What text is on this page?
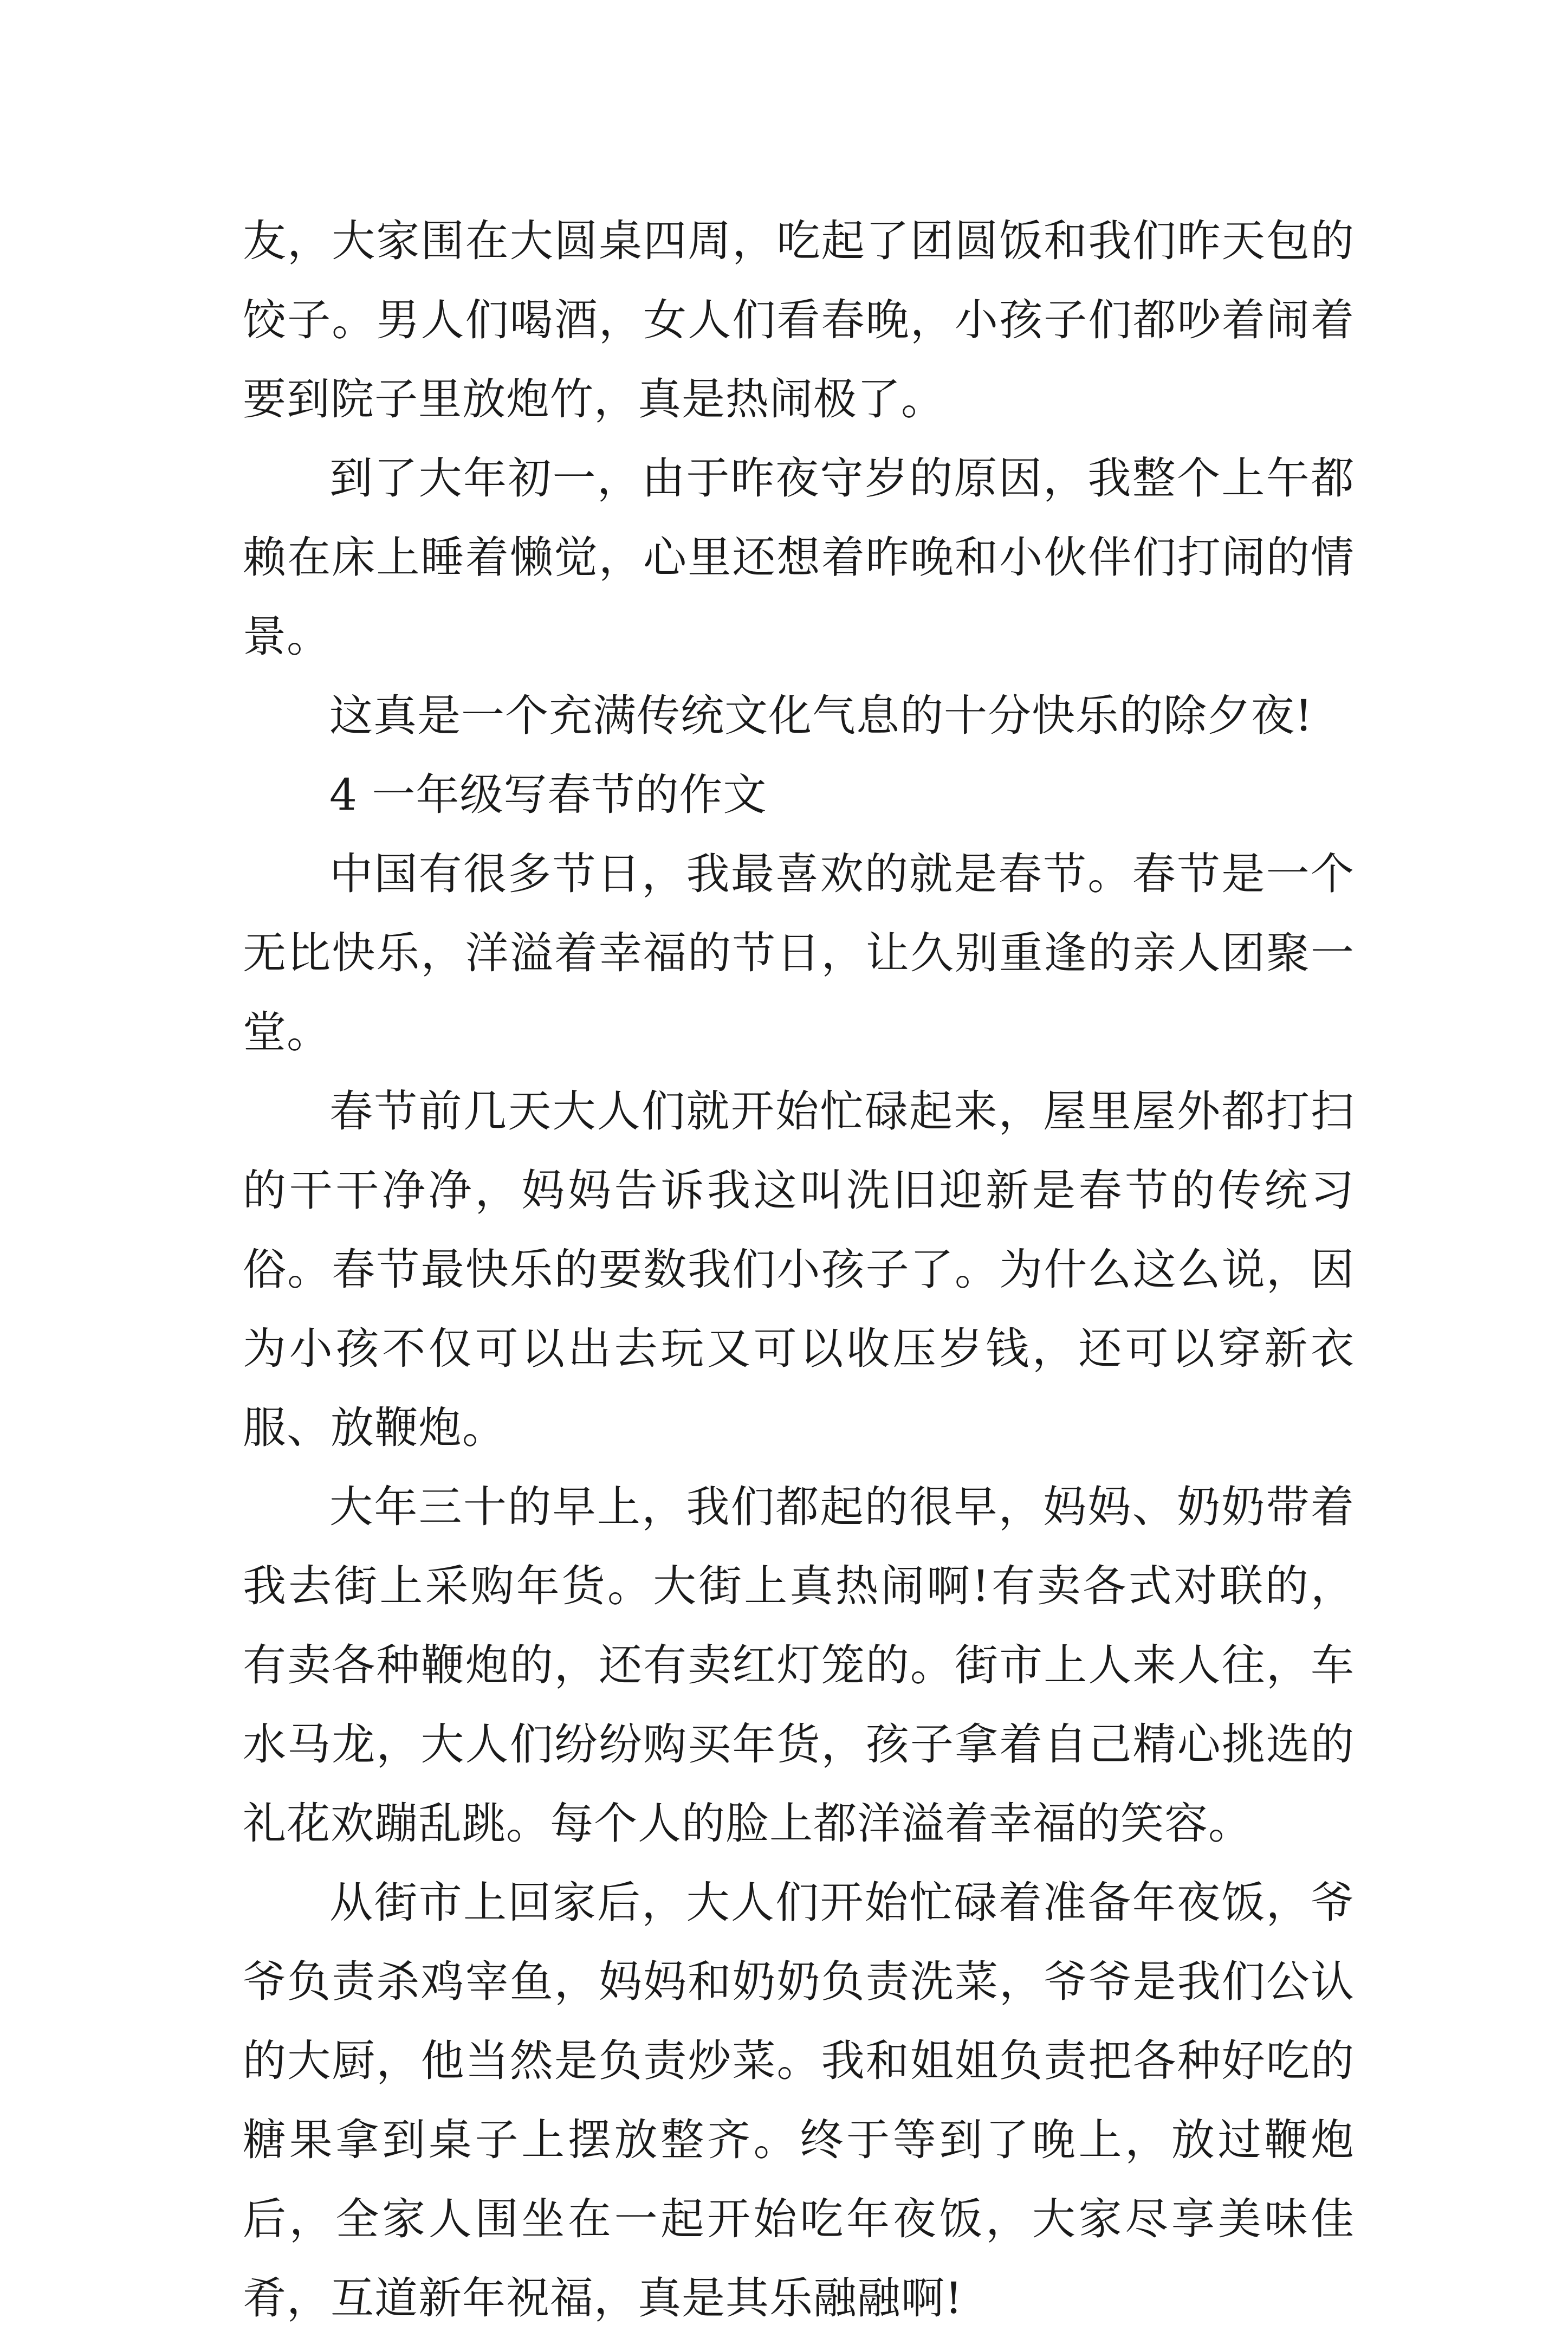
友，大家围在大圆桌四周，吃起了团圆饭和我们昨天包的饺子。男人们喝酒，女人们看春晚，小孩子们都吵着闹着要到院子里放炮竹，真是热闹极了。

到了大年初一，由于昨夜守岁的原因，我整个上午都赖在床上睡着懒觉，心里还想着昨晚和小伙伴们打闹的情景。

这真是一个充满传统文化气息的十分快乐的除夕夜!

4 一年级写春节的作文

中国有很多节日，我最喜欢的就是春节。春节是一个无比快乐，洋溢着幸福的节日，让久别重逢的亲人团聚一堂。

春节前几天大人们就开始忙碌起来，屋里屋外都打扫的干干净净，妈妈告诉我这叫洗旧迎新是春节的传统习俗。春节最快乐的要数我们小孩子了。为什么这么说，因为小孩不仅可以出去玩又可以收压岁钱，还可以穿新衣服、放鞭炮。

大年三十的早上，我们都起的很早，妈妈、奶奶带着我去街上采购年货。大街上真热闹啊!有卖各式对联的，有卖各种鞭炮的，还有卖红灯笼的。街市上人来人往，车水马龙，大人们纷纷购买年货，孩子拿着自己精心挑选的礼花欢蹦乱跳。每个人的脸上都洋溢着幸福的笑容。

从街市上回家后，大人们开始忙碌着准备年夜饭，爷爷负责杀鸡宰鱼，妈妈和奶奶负责洗菜，爷爷是我们公认的大厨，他当然是负责炒菜。我和姐姐负责把各种好吃的糖果拿到桌子上摆放整齐。终于等到了晚上，放过鞭炮后，全家人围坐在一起开始吃年夜饭，大家尽享美味佳肴，互道新年祝福，真是其乐融融啊!
